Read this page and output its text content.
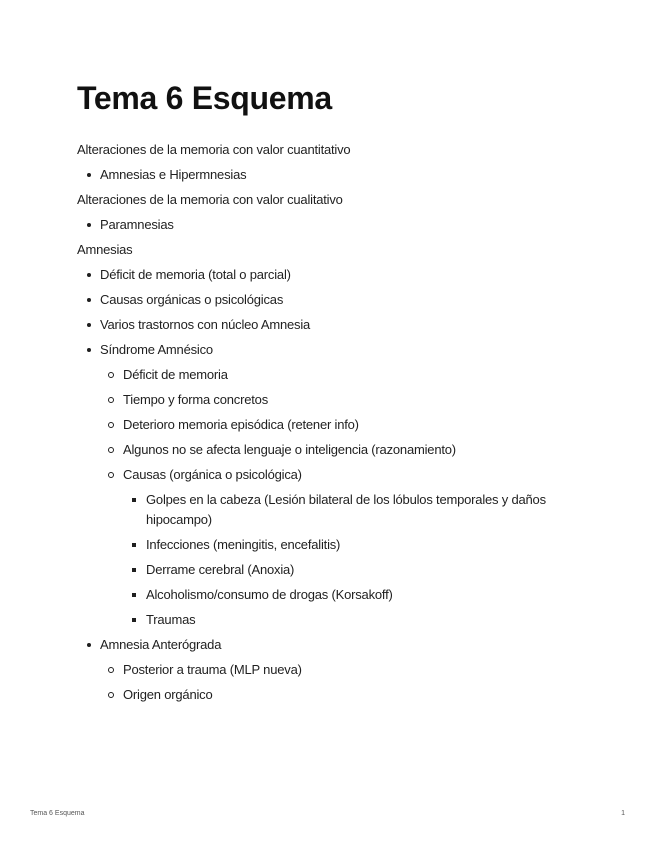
Tema 6 Esquema

Alteraciones de la memoria con valor cuantitativo

Amnesias e Hipermnesias

Alteraciones de la memoria con valor cualitativo

Paramnesias

Amnesias

Déficit de memoria (total o parcial)
Causas orgánicas o psicológicas
Varios trastornos con núcleo Amnesia
Síndrome Amnésico
Déficit de memoria
Tiempo y forma concretos
Deterioro memoria episódica (retener info)
Algunos no se afecta lenguaje o inteligencia (razonamiento)
Causas (orgánica o psicológica)
Golpes en la cabeza (Lesión bilateral de los lóbulos temporales y daños hipocampo)
Infecciones (meningitis, encefalitis)
Derrame cerebral (Anoxia)
Alcoholismo/consumo de drogas (Korsakoff)
Traumas
Amnesia Anterógrada
Posterior a trauma (MLP nueva)
Origen orgánico
Tema 6 Esquema	1
